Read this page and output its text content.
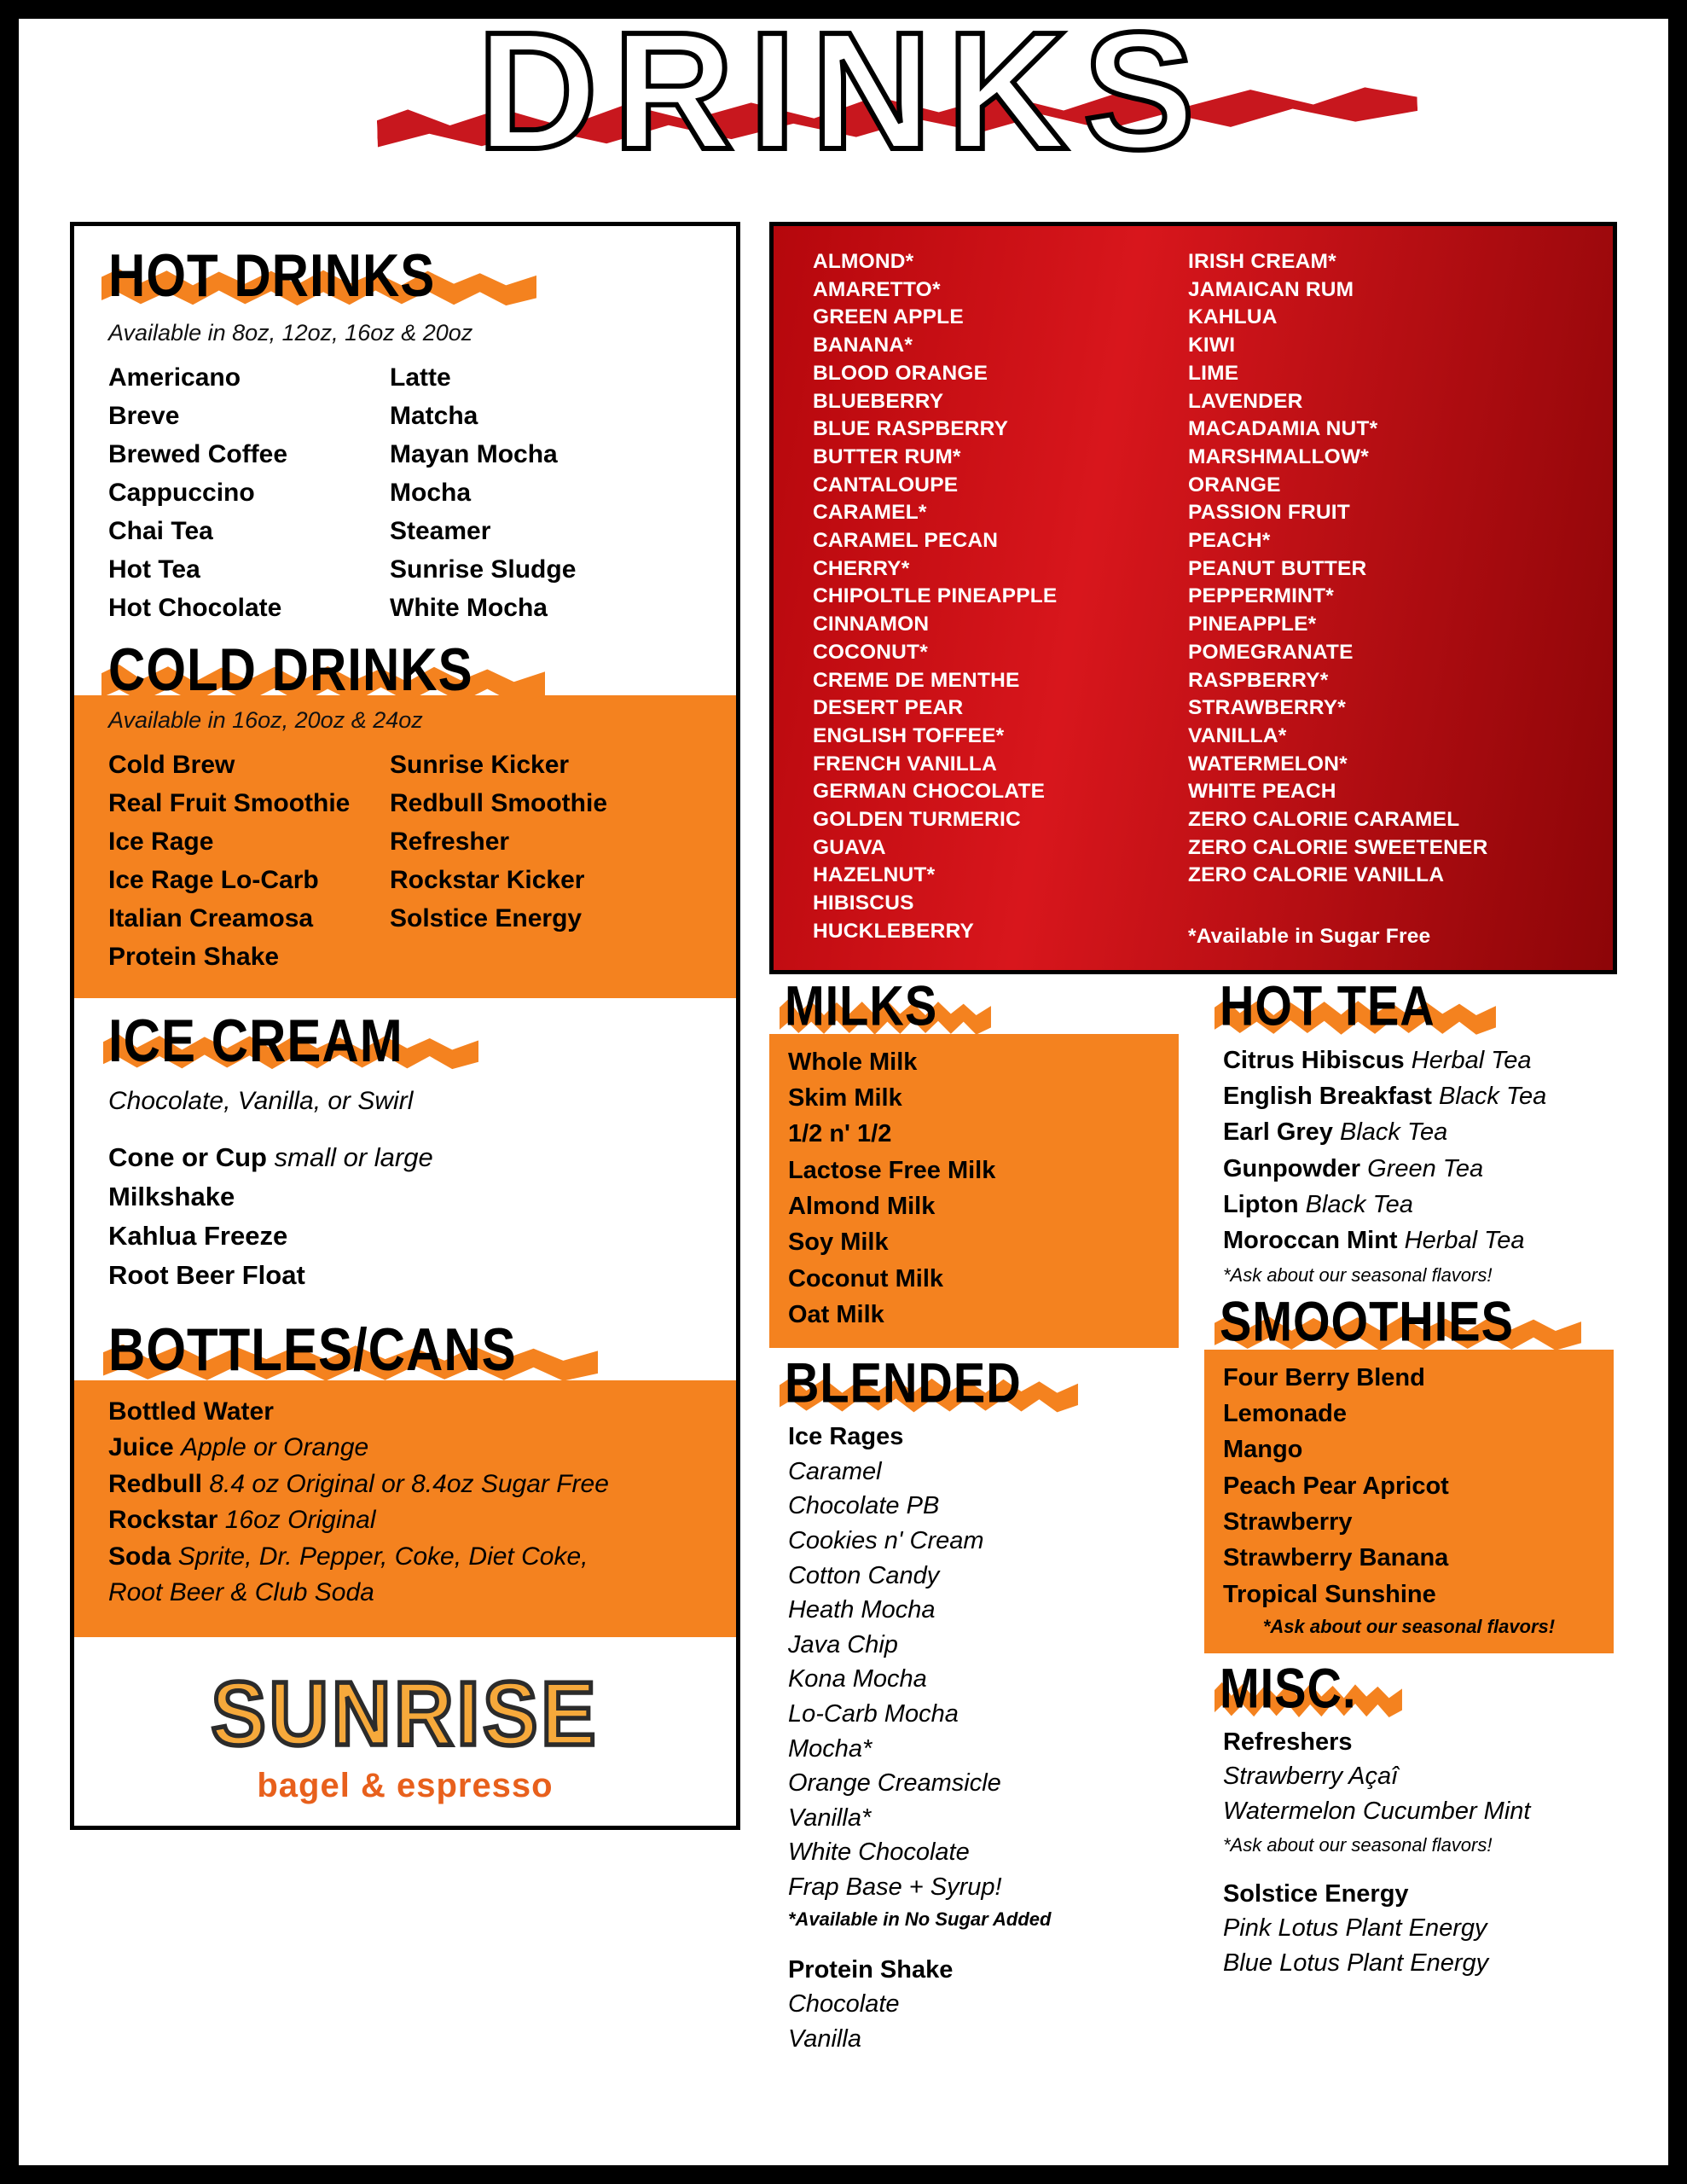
DRINKS
HOT DRINKS
Available in 8oz, 12oz, 16oz & 20oz
Americano
Breve
Brewed Coffee
Cappuccino
Chai Tea
Hot Tea
Hot Chocolate
Latte
Matcha
Mayan Mocha
Mocha
Steamer
Sunrise Sludge
White Mocha
COLD DRINKS
Available in 16oz, 20oz & 24oz
Cold Brew
Real Fruit Smoothie
Ice Rage
Ice Rage Lo-Carb
Italian Creamosa
Protein Shake
Sunrise Kicker
Redbull Smoothie
Refresher
Rockstar Kicker
Solstice Energy
ICE CREAM
Chocolate, Vanilla, or Swirl
Cone or Cup small or large
Milkshake
Kahlua Freeze
Root Beer Float
BOTTLES/CANS
Bottled Water
Juice Apple or Orange
Redbull 8.4 oz Original or 8.4oz Sugar Free
Rockstar 16oz Original
Soda Sprite, Dr. Pepper, Coke, Diet Coke,
Root Beer & Club Soda
SUNRISE
bagel & espresso
ALMOND*
AMARETTO*
GREEN APPLE
BANANA*
BLOOD ORANGE
BLUEBERRY
BLUE RASPBERRY
BUTTER RUM*
CANTALOUPE
CARAMEL*
CARAMEL PECAN
CHERRY*
CHIPOLTLE PINEAPPLE
CINNAMON
COCONUT*
CREME DE MENTHE
DESERT PEAR
ENGLISH TOFFEE*
FRENCH VANILLA
GERMAN CHOCOLATE
GOLDEN TURMERIC
GUAVA
HAZELNUT*
HIBISCUS
HUCKLEBERRY
IRISH CREAM*
JAMAICAN RUM
KAHLUA
KIWI
LIME
LAVENDER
MACADAMIA NUT*
MARSHMALLOW*
ORANGE
PASSION FRUIT
PEACH*
PEANUT BUTTER
PEPPERMINT*
PINEAPPLE*
POMEGRANATE
RASPBERRY*
STRAWBERRY*
VANILLA*
WATERMELON*
WHITE PEACH
ZERO CALORIE CARAMEL
ZERO CALORIE SWEETENER
ZERO CALORIE VANILLA
*Available in Sugar Free
MILKS
Whole Milk
Skim Milk
1/2 n' 1/2
Lactose Free Milk
Almond Milk
Soy Milk
Coconut Milk
Oat Milk
BLENDED
Ice Rages
Caramel
Chocolate PB
Cookies n' Cream
Cotton Candy
Heath Mocha
Java Chip
Kona Mocha
Lo-Carb Mocha
Mocha*
Orange Creamsicle
Vanilla*
White Chocolate
Frap Base + Syrup!
*Available in No Sugar Added
Protein Shake
Chocolate
Vanilla
HOT TEA
Citrus Hibiscus Herbal Tea
English Breakfast Black Tea
Earl Grey Black Tea
Gunpowder Green Tea
Lipton Black Tea
Moroccan Mint Herbal Tea
*Ask about our seasonal flavors!
SMOOTHIES
Four Berry Blend
Lemonade
Mango
Peach Pear Apricot
Strawberry
Strawberry Banana
Tropical Sunshine
*Ask about our seasonal flavors!
MISC.
Refreshers
Strawberry Açaî
Watermelon Cucumber Mint
*Ask about our seasonal flavors!
Solstice Energy
Pink Lotus Plant Energy
Blue Lotus Plant Energy
